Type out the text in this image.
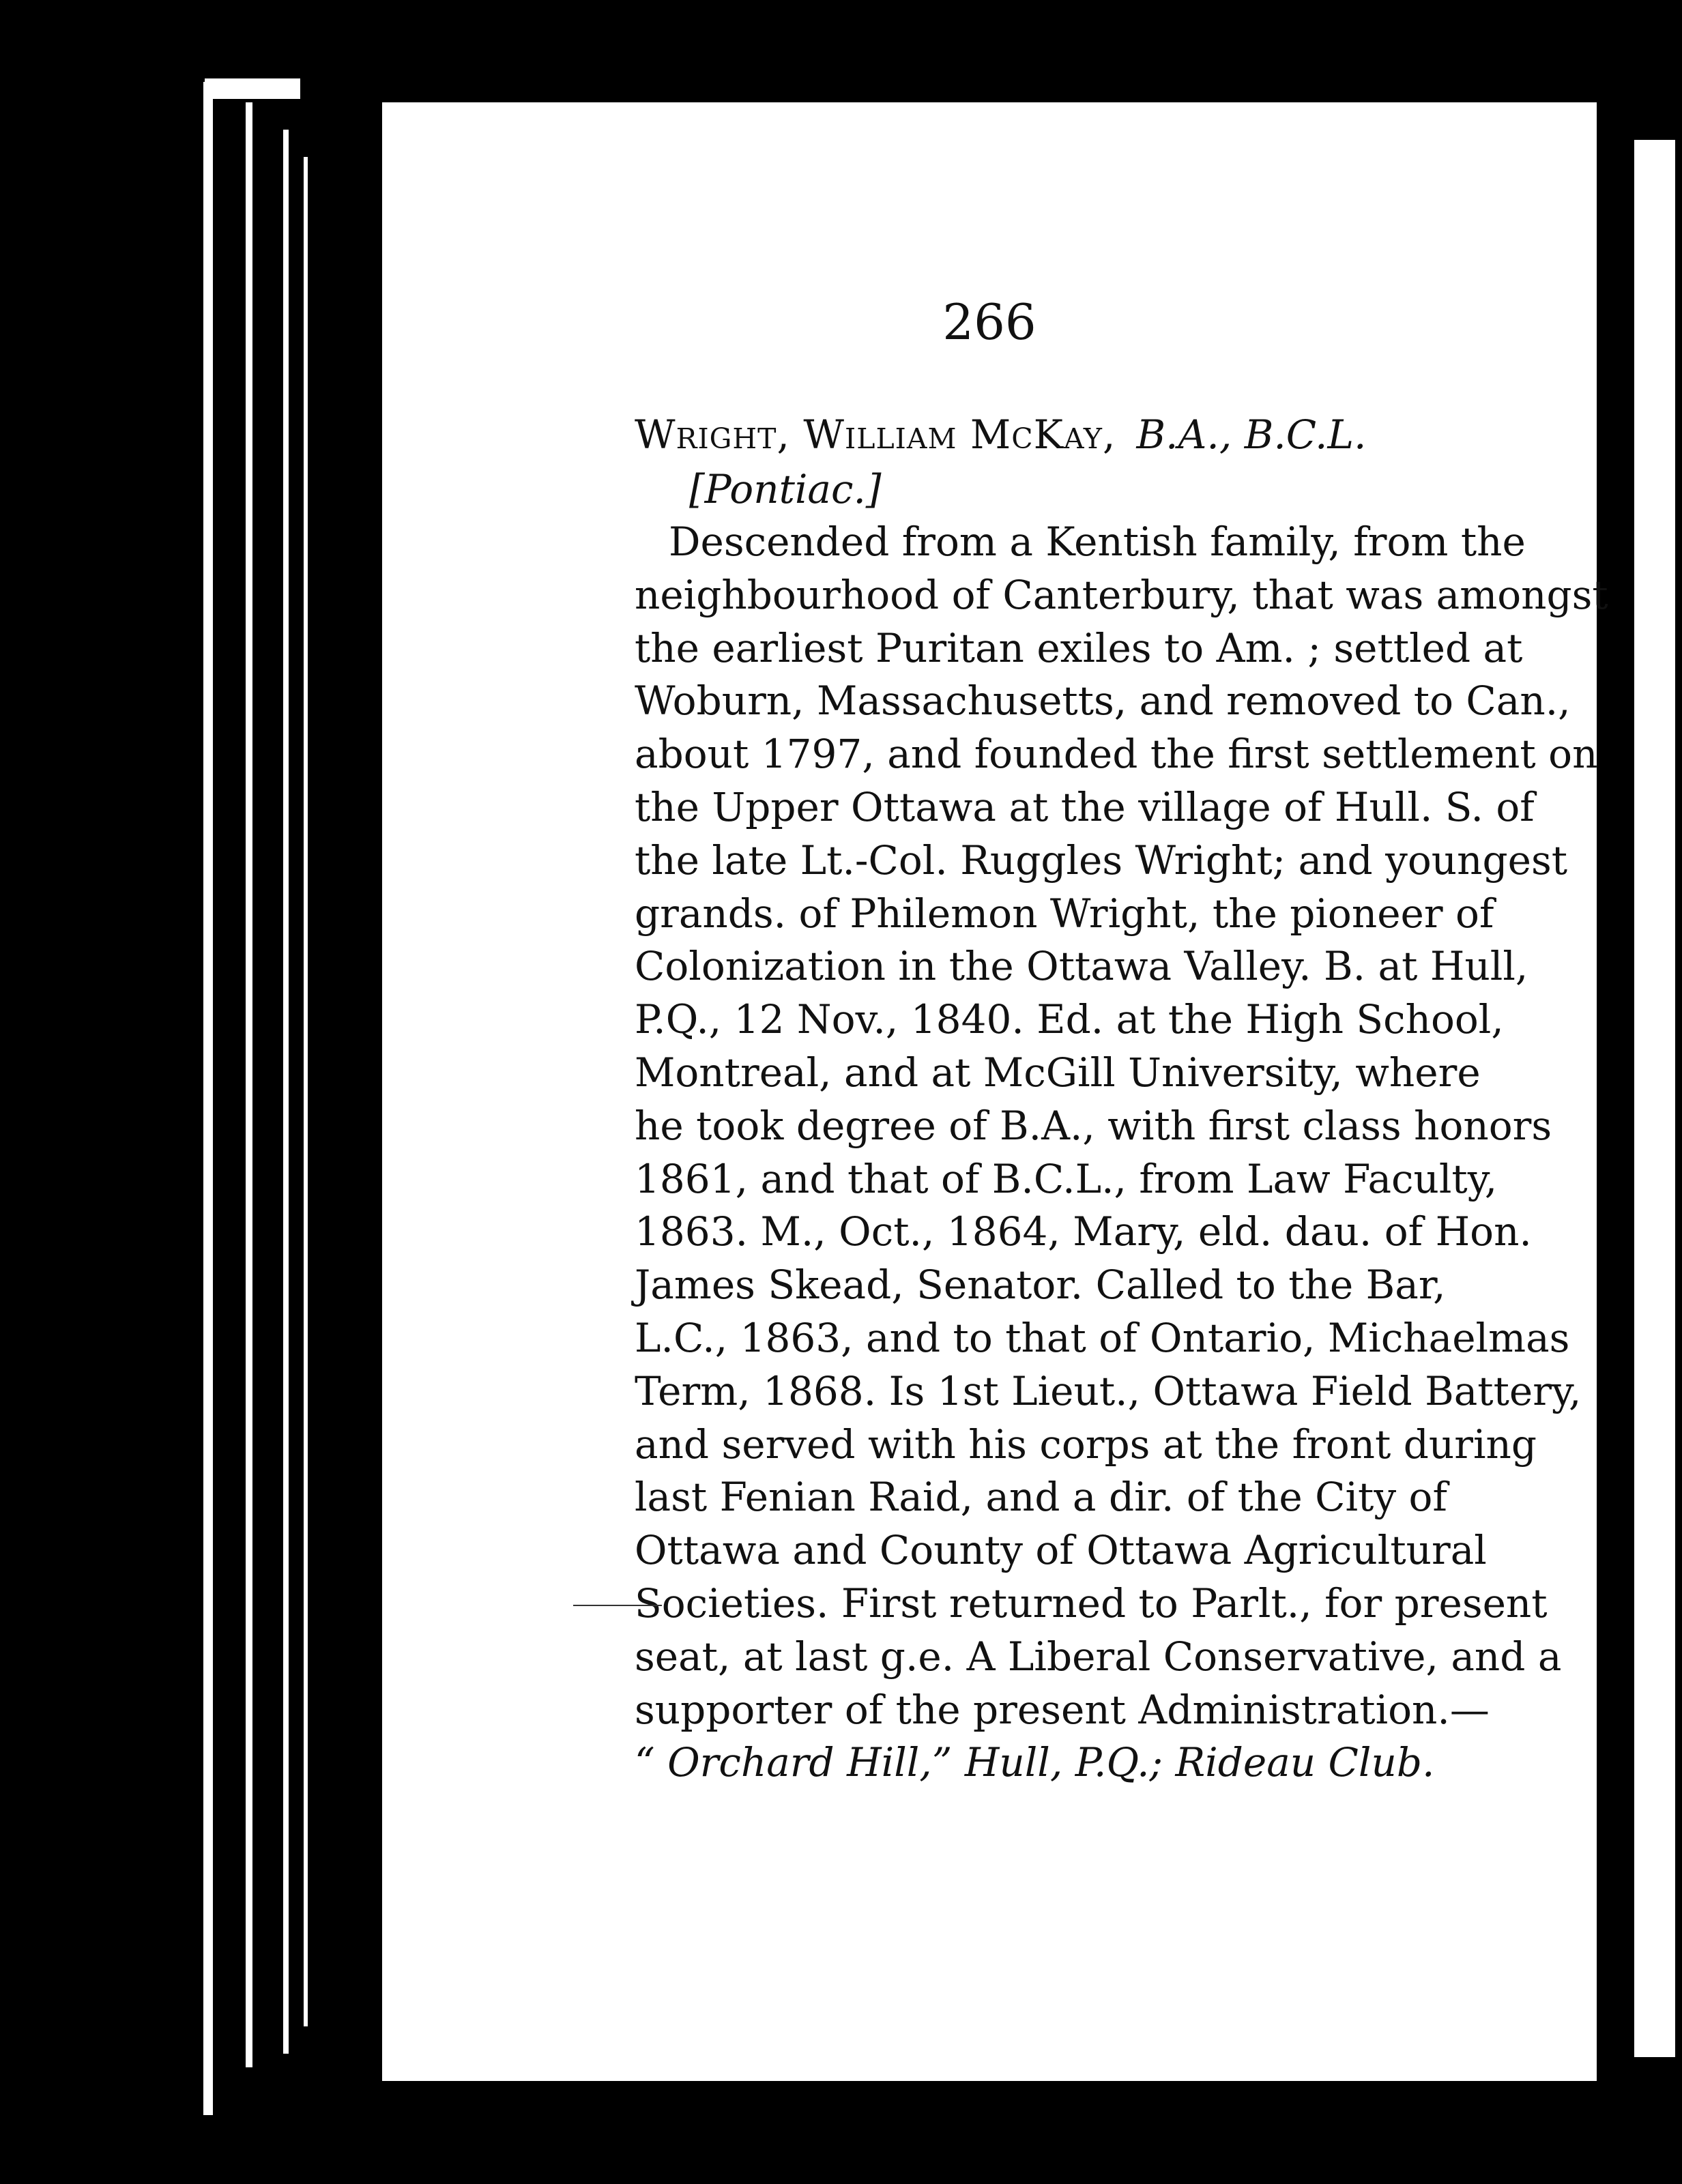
266
Wright, William McKay, B.A., B.C.L.
[Pontiac.]
Descended from a Kentish family, from the
neighbourhood of Canterbury, that was amongst
the earliest Puritan exiles to Am. ; settled at
Woburn, Massachusetts, and removed to Can.,
about 1797, and founded the first settlement on
the Upper Ottawa at the village of Hull. S. of
the late Lt.-Col. Ruggles Wright; and youngest
grands. of Philemon Wright, the pioneer of
Colonization in the Ottawa Valley. B. at Hull,
P.Q., 12 Nov., 1840. Ed. at the High School,
Montreal, and at McGill University, where
he took degree of B.A., with first class honors
1861, and that of B.C.L., from Law Faculty,
1863. M., Oct., 1864, Mary, eld. dau. of Hon.
James Skead, Senator. Called to the Bar,
L.C., 1863, and to that of Ontario, Michaelmas
Term, 1868. Is 1st Lieut., Ottawa Field Battery,
and served with his corps at the front during
last Fenian Raid, and a dir. of the City of
Ottawa and County of Ottawa Agricultural
Societies. First returned to Parlt., for present
seat, at last g.e. A Liberal Conservative, and a
supporter of the present Administration.—
“ Orchard Hill,” Hull, P.Q.; Rideau Club.
